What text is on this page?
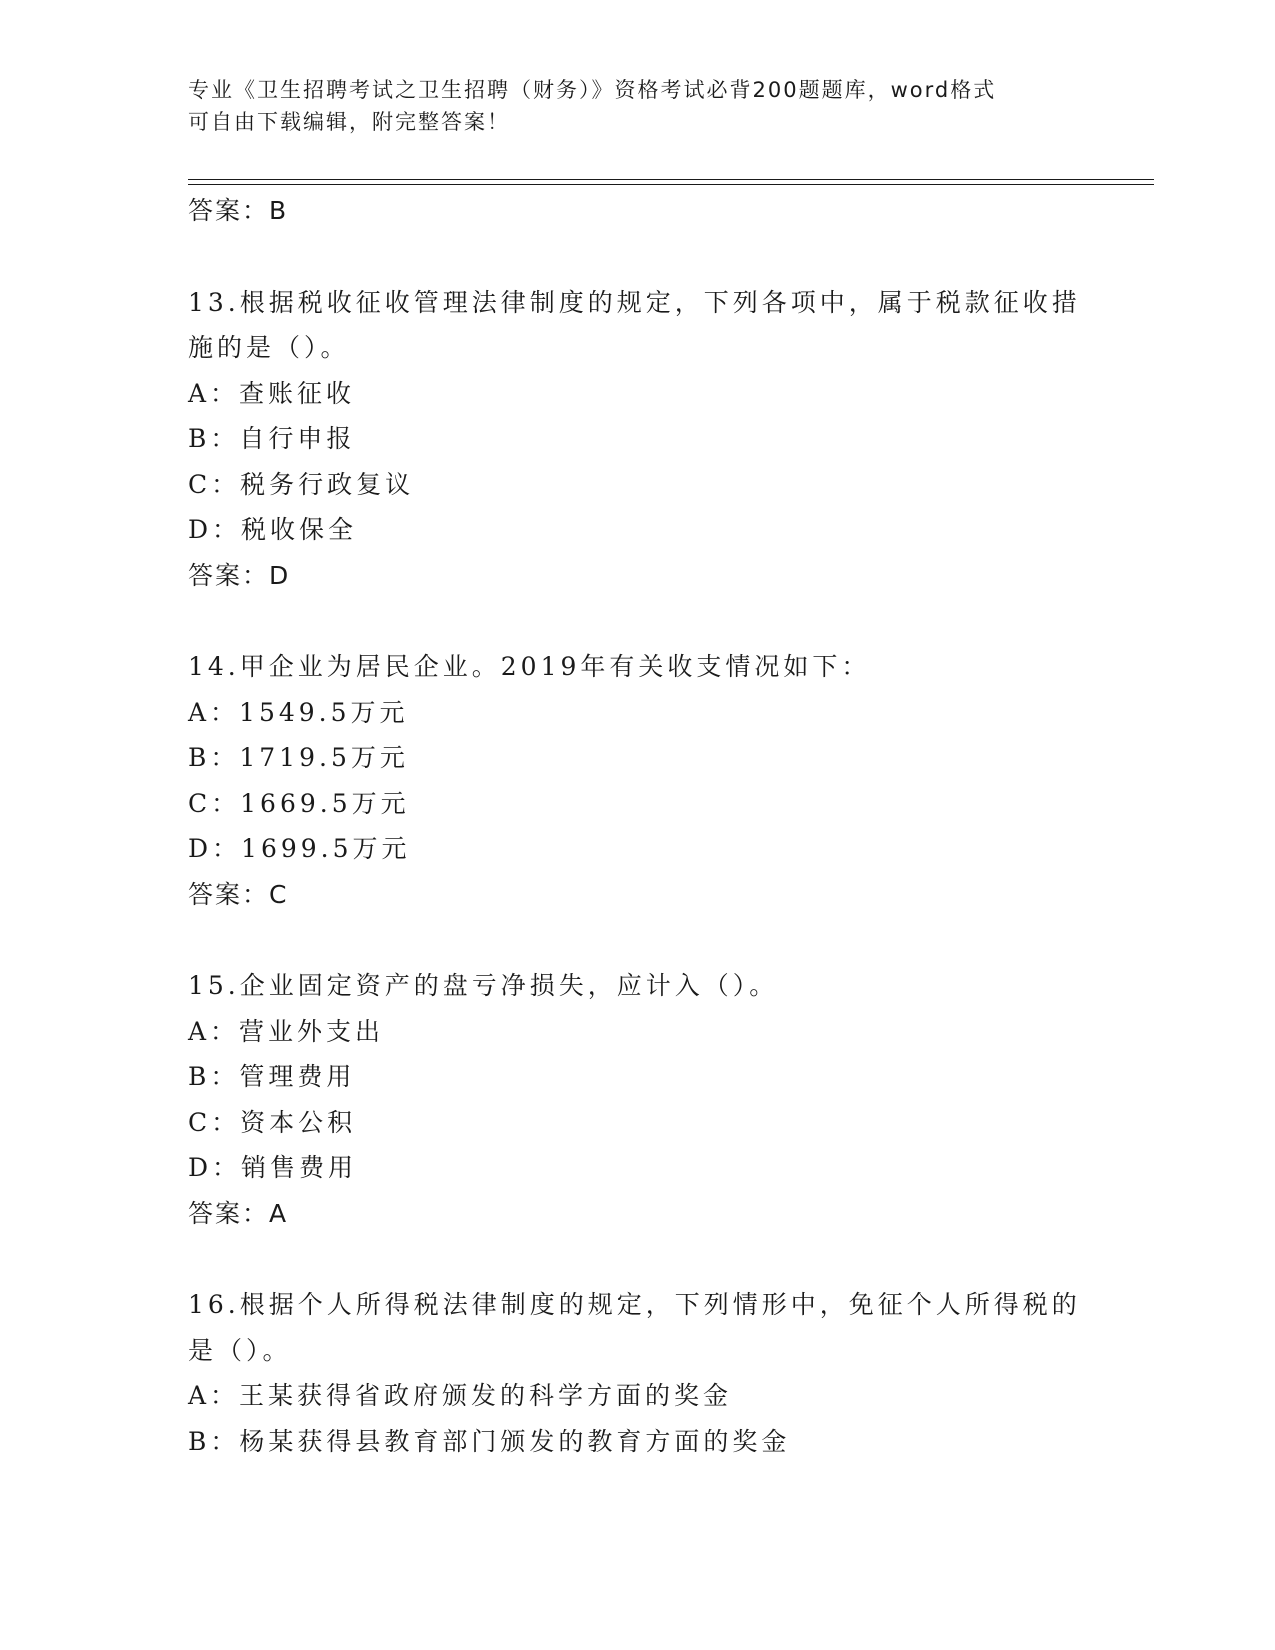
专业《卫生招聘考试之卫生招聘（财务）》资格考试必背200题题库，word格式
可自由下载编辑，附完整答案！
答案：B
13.根据税收征收管理法律制度的规定，下列各项中，属于税款征收措
施的是（）。
A：查账征收
B：自行申报
C：税务行政复议
D：税收保全
答案：D
14.甲企业为居民企业。2019年有关收支情况如下：
A：1549.5万元
B：1719.5万元
C：1669.5万元
D：1699.5万元
答案：C
15.企业固定资产的盘亏净损失，应计入（）。
A：营业外支出
B：管理费用
C：资本公积
D：销售费用
答案：A
16.根据个人所得税法律制度的规定，下列情形中，免征个人所得税的
是（）。
A：王某获得省政府颁发的科学方面的奖金
B：杨某获得县教育部门颁发的教育方面的奖金
